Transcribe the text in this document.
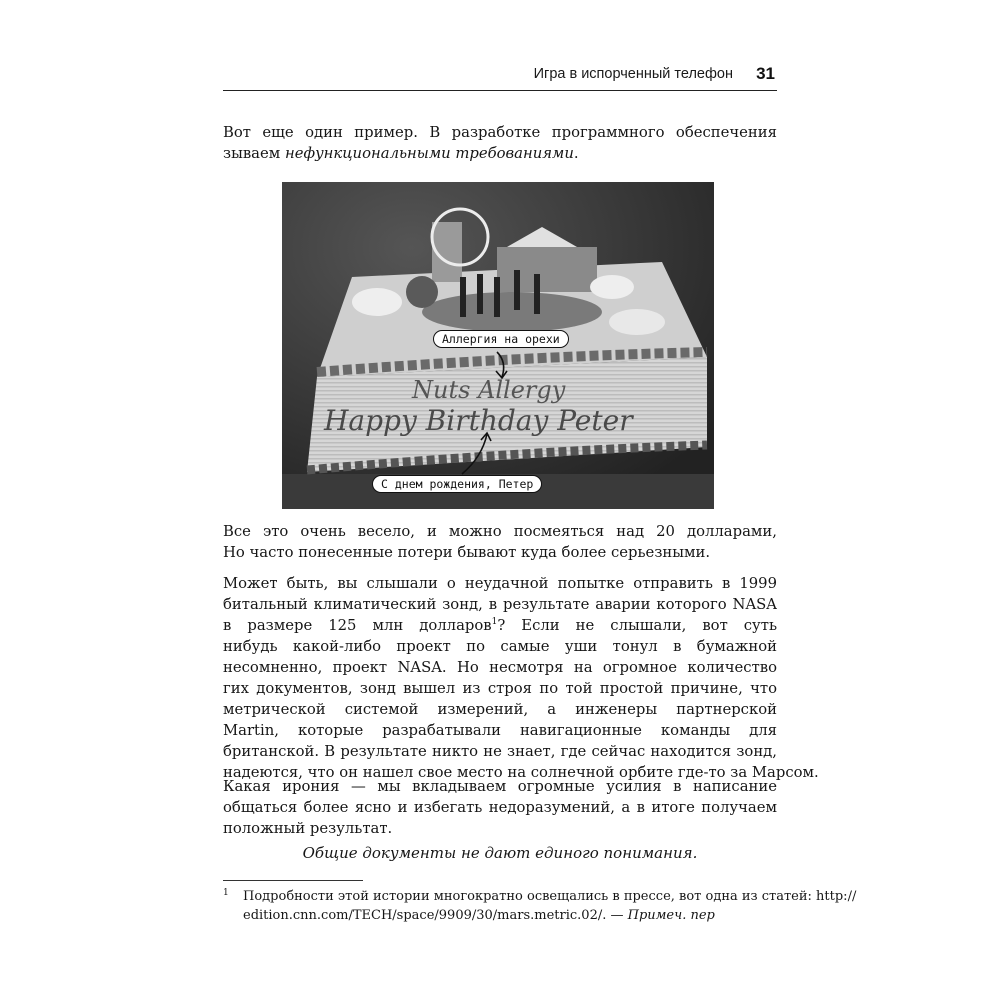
Игра в испорченный телефон 31
Вот еще один пример. В разработке программного обеспечения
зываем нефункциональными требованиями.
Nuts Allergy
Happy Birthday Peter
Аллергия на орехи
С днем рождения, Петер
Все это очень весело, и можно посмеяться над 20 долларами,
Но часто понесенные потери бывают куда более серьезными.
Может быть, вы слышали о неудачной попытке отправить в 1999
битальный климатический зонд, в результате аварии которого NASA
в размере 125 млн долларов$^1$? Если не слышали, вот суть
нибудь какой-либо проект по самые уши тонул в бумажной
несомненно, проект NASA. Но несмотря на огромное количество
гих документов, зонд вышел из строя по той простой причине, что
метрической системой измерений, а инженеры партнерской
Martin, которые разрабатывали навигационные команды для
британской. В результате никто не знает, где сейчас находится зонд,
надеются, что он нашел свое место на солнечной орбите где-то за Марсом.
Какая ирония — мы вкладываем огромные усилия в написание
общаться более ясно и избегать недоразумений, а в итоге получаем
положный результат.
Общие документы не дают единого понимания.
1 Подробности этой истории многократно освещались в прессе, вот одна из статей: http://
edition.cnn.com/TECH/space/9909/30/mars.metric.02/. — Примеч. пер
